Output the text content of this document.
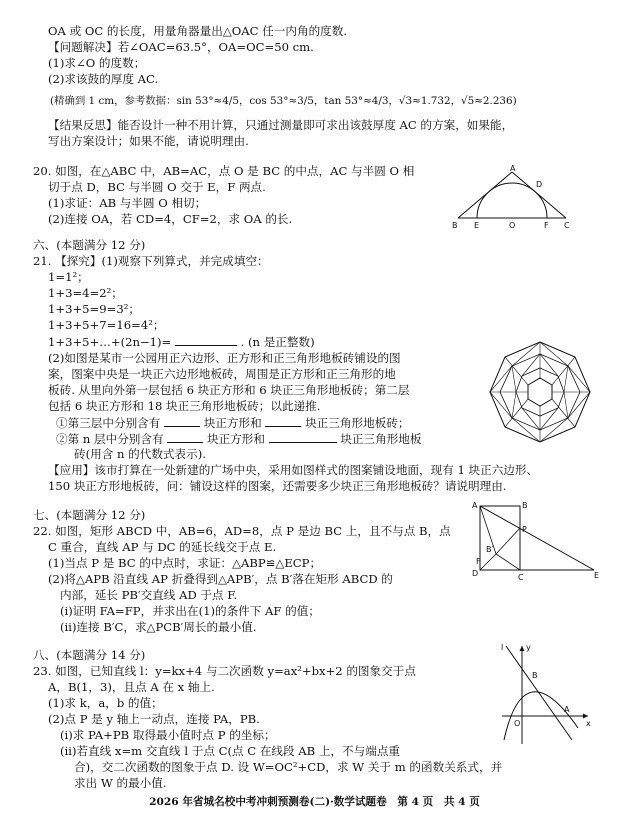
OA 或 OC 的长度，用量角器量出△OAC 任一内角的度数.
【问题解决】若∠OAC=63.5°，OA=OC=50 cm.
(1)求∠O 的度数；
(2)求该鼓的厚度 AC.
(精确到 1 cm，参考数据：sin 53°≈4/5，cos 53°≈3/5，tan 53°≈4/3，√3≈1.732，√5≈2.236)
【结果反思】能否设计一种不用计算，只通过测量即可求出该鼓厚度 AC 的方案，如果能，
写出方案设计；如果不能，请说明理由.
20. 如图，在△ABC 中，AB=AC，点 O 是 BC 的中点，AC 与半圆 O 相
切于点 D，BC 与半圆 O 交于 E，F 两点.
(1)求证：AB 与半圆 O 相切；
(2)连接 OA，若 CD=4，CF=2，求 OA 的长.
A
D
B E	O	F C
六、(本题满分 12 分)
21. 【探究】(1)观察下列算式，并完成填空：
1=1²；
1+3=4=2²；
1+3+5=9=3²；
1+3+5+7=16=4²；
1+3+5+…+(2n−1)=	. (n 是正整数)
(2)如图是某市一公园用正六边形、正方形和正三角形地板砖铺设的图
案，图案中央是一块正六边形地板砖，周围是正方形和正三角形的地
板砖. 从里向外第一层包括 6 块正方形和 6 块正三角形地板砖；第二层
包括 6 块正方形和 18 块正三角形地板砖；以此递推.
①第三层中分别含有	块正方形和	块正三角形地板砖；
②第 n 层中分别含有	块正方形和	块正三角形地板
砖(用含 n 的代数式表示).
【应用】该市打算在一处新建的广场中央，采用如图样式的图案铺设地面，现有 1 块正六边形、
150 块正方形地板砖，问：铺设这样的图案，还需要多少块正三角形地板砖？请说明理由.
七、(本题满分 12 分)
22. 如图，矩形 ABCD 中，AB=6，AD=8，点 P 是边 BC 上，且不与点 B，点
C 重合，直线 AP 与 DC 的延长线交于点 E.
(1)当点 P 是 BC 的中点时，求证：△ABP≌△ECP；
(2)将△APB 沿直线 AP 折叠得到△APB′，点 B′落在矩形 ABCD 的
内部，延长 PB′交直线 AD 于点 F.
(ⅰ)证明 FA=FP，并求出在(1)的条件下 AF 的值；
(ⅱ)连接 B′C，求△PCB′周长的最小值.
A	B
D
F
B′
P
C	E
八、(本题满分 14 分)
23. 如图，已知直线 l：y=kx+4 与二次函数 y=ax²+bx+2 的图象交于点
A，B(1，3)，且点 A 在 x 轴上.
(1)求 k，a，b 的值；
(2)点 P 是 y 轴上一动点，连接 PA，PB.
(ⅰ)求 PA+PB 取得最小值时点 P 的坐标；
(ⅱ)若直线 x=m 交直线 l 于点 C(点 C 在线段 AB 上，不与端点重
合)，交二次函数的图象于点 D. 设 W=OC²+CD，求 W 关于 m 的函数关系式，并
求出 W 的最小值.
l	y
B
O
A
x
2026 年省城名校中考冲刺预测卷(二)·数学试题卷　第 4 页　共 4 页
